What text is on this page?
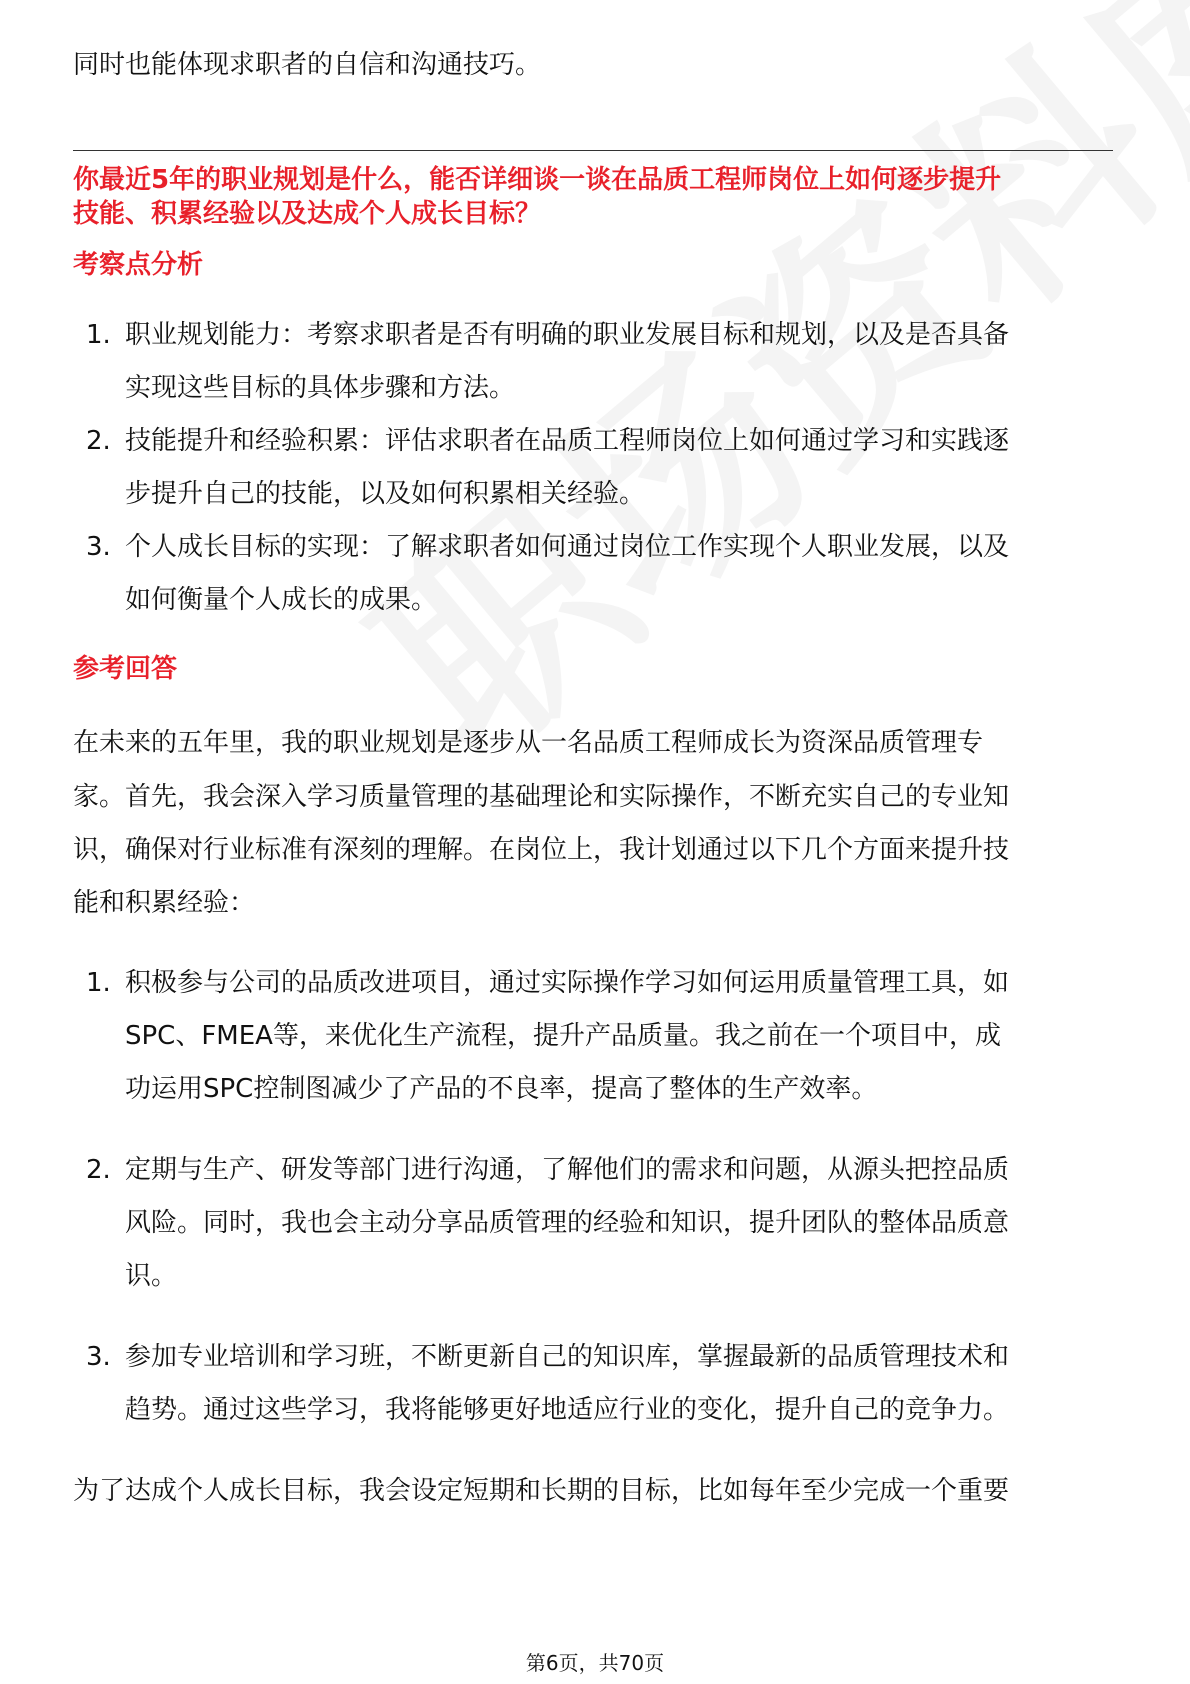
同时也能体现求职者的自信和沟通技巧。
你最近5年的职业规划是什么，能否详细谈一谈在品质工程师岗位上如何逐步提升
技能、积累经验以及达成个人成长目标？
考察点分析
1. 职业规划能力：考察求职者是否有明确的职业发展目标和规划，以及是否具备
实现这些目标的具体步骤和方法。
2. 技能提升和经验积累：评估求职者在品质工程师岗位上如何通过学习和实践逐
步提升自己的技能，以及如何积累相关经验。
3. 个人成长目标的实现：了解求职者如何通过岗位工作实现个人职业发展，以及
如何衡量个人成长的成果。
参考回答
在未来的五年里，我的职业规划是逐步从一名品质工程师成长为资深品质管理专
家。首先，我会深入学习质量管理的基础理论和实际操作，不断充实自己的专业知
识，确保对行业标准有深刻的理解。在岗位上，我计划通过以下几个方面来提升技
能和积累经验：
1. 积极参与公司的品质改进项目，通过实际操作学习如何运用质量管理工具，如
SPC、FMEA等，来优化生产流程，提升产品质量。我之前在一个项目中，成
功运用SPC控制图减少了产品的不良率，提高了整体的生产效率。
2. 定期与生产、研发等部门进行沟通，了解他们的需求和问题，从源头把控品质
风险。同时，我也会主动分享品质管理的经验和知识，提升团队的整体品质意
识。
3. 参加专业培训和学习班，不断更新自己的知识库，掌握最新的品质管理技术和
趋势。通过这些学习，我将能够更好地适应行业的变化，提升自己的竞争力。
为了达成个人成长目标，我会设定短期和长期的目标，比如每年至少完成一个重要
第6页，共70页
